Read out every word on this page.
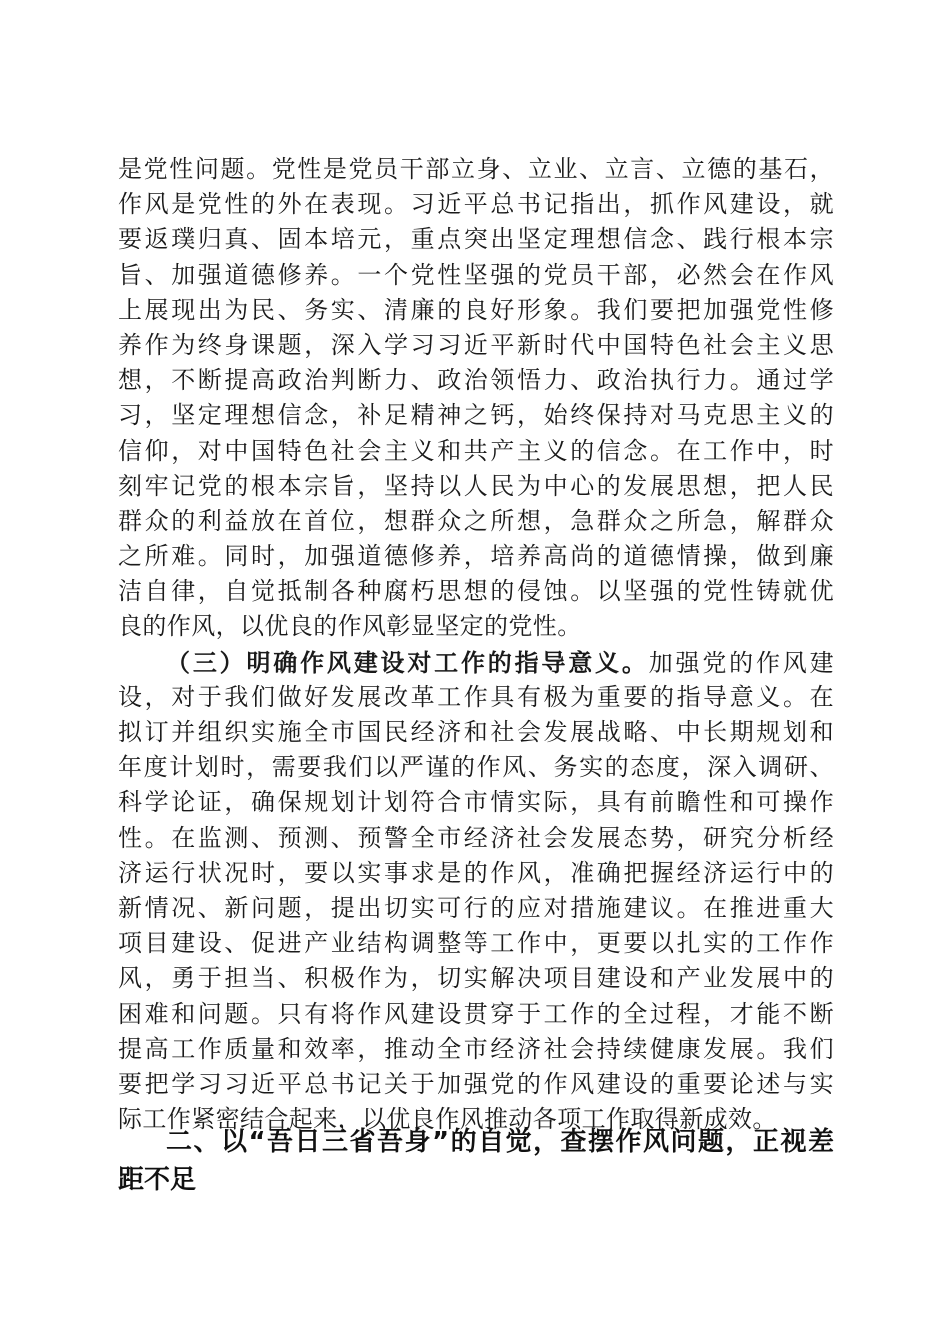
是党性问题。党性是党员干部立身、立业、立言、立德的基石，
作风是党性的外在表现。习近平总书记指出，抓作风建设，就
要返璞归真、固本培元，重点突出坚定理想信念、践行根本宗
旨、加强道德修养。一个党性坚强的党员干部，必然会在作风
上展现出为民、务实、清廉的良好形象。我们要把加强党性修
养作为终身课题，深入学习习近平新时代中国特色社会主义思
想，不断提高政治判断力、政治领悟力、政治执行力。通过学
习，坚定理想信念，补足精神之钙，始终保持对马克思主义的
信仰，对中国特色社会主义和共产主义的信念。在工作中，时
刻牢记党的根本宗旨，坚持以人民为中心的发展思想，把人民
群众的利益放在首位，想群众之所想，急群众之所急，解群众
之所难。同时，加强道德修养，培养高尚的道德情操，做到廉
洁自律，自觉抵制各种腐朽思想的侵蚀。以坚强的党性铸就优
良的作风，以优良的作风彰显坚定的党性。
（三）明确作风建设对工作的指导意义。加强党的作风建
设，对于我们做好发展改革工作具有极为重要的指导意义。在
拟订并组织实施全市国民经济和社会发展战略、中长期规划和
年度计划时，需要我们以严谨的作风、务实的态度，深入调研、
科学论证，确保规划计划符合市情实际，具有前瞻性和可操作
性。在监测、预测、预警全市经济社会发展态势，研究分析经
济运行状况时，要以实事求是的作风，准确把握经济运行中的
新情况、新问题，提出切实可行的应对措施建议。在推进重大
项目建设、促进产业结构调整等工作中，更要以扎实的工作作
风，勇于担当、积极作为，切实解决项目建设和产业发展中的
困难和问题。只有将作风建设贯穿于工作的全过程，才能不断
提高工作质量和效率，推动全市经济社会持续健康发展。我们
要把学习习近平总书记关于加强党的作风建设的重要论述与实
际工作紧密结合起来，以优良作风推动各项工作取得新成效。
二、以“吾日三省吾身”的自觉，查摆作风问题，正视差
距不足
